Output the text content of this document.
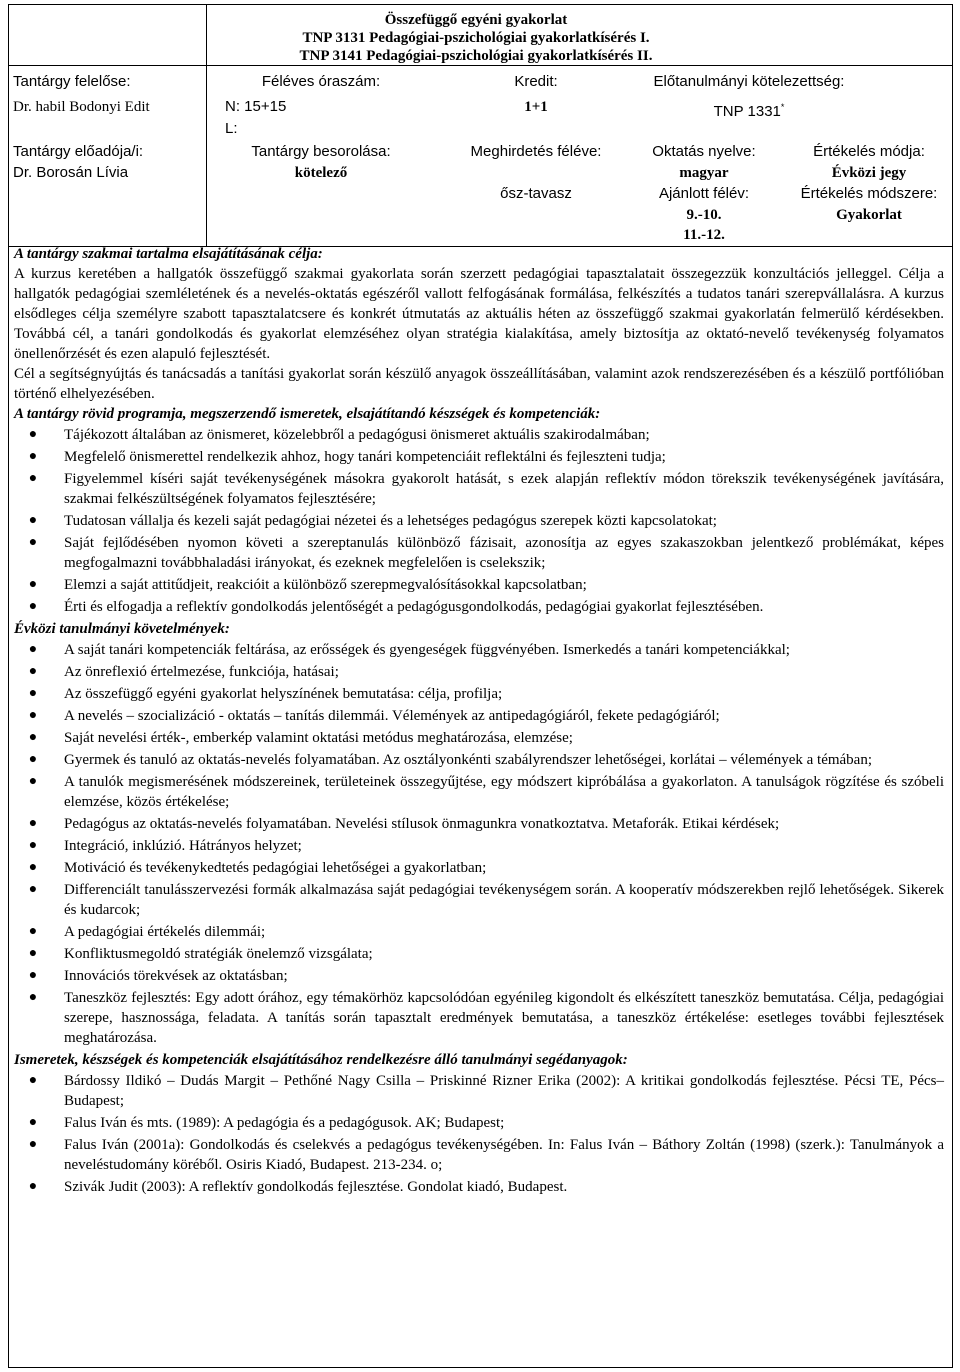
Összefüggő egyéni gyakorlat
TNP 3131 Pedagógiai-pszichológiai gyakorlatkísérés I.
TNP 3141 Pedagógiai-pszichológiai gyakorlatkísérés II.
Tantárgy felelőse:
Dr. habil Bodonyi Edit
Tantárgy előadója/i:
Dr. Borosán Lívia
Féléves óraszám:
N: 15+15
L:
Tantárgy besorolása:
kötelező
Kredit:
1+1
Meghirdetés féléve:
ősz-tavasz
Előtanulmányi kötelezettség:
TNP 1331*
Oktatás nyelve:
magyar
Ajánlott félév:
9.-10.
11.-12.
Értékelés módja:
Évközi jegy
Értékelés módszere:
Gyakorlat

A tantárgy szakmai tartalma elsajátításának célja:

A kurzus keretében a hallgatók összefüggő szakmai gyakorlata során szerzett pedagógiai tapasztalatait összegezzük konzultációs jelleggel. Célja a hallgatók pedagógiai szemléletének és a nevelés-oktatás egészéről vallott felfogásának formálása, felkészítés a tudatos tanári szerepvállalásra. A kurzus elsődleges célja személyre szabott tapasztalatcsere és konkrét útmutatás az aktuális héten az összefüggő szakmai gyakorlatán felmerülő kérdésekben. Továbbá cél, a tanári gondolkodás és gyakorlat elemzéséhez olyan stratégia kialakítása, amely biztosítja az oktató-nevelő tevékenység folyamatos önellenőrzését és ezen alapuló fejlesztését.

Cél a segítségnyújtás és tanácsadás a tanítási gyakorlat során készülő anyagok összeállításában, valamint azok rendszerezésében és a készülő portfólióban történő elhelyezésében.

A tantárgy rövid programja, megszerzendő ismeretek, elsajátítandó készségek és kompetenciák:

● Tájékozott általában az önismeret, közelebbről a pedagógusi önismeret aktuális szakirodalmában;
● Megfelelő önismerettel rendelkezik ahhoz, hogy tanári kompetenciáit reflektálni és fejleszteni tudja;
● Figyelemmel kíséri saját tevékenységének másokra gyakorolt hatását, s ezek alapján reflektív módon törekszik tevékenységének javítására, szakmai felkészültségének folyamatos fejlesztésére;
● Tudatosan vállalja és kezeli saját pedagógiai nézetei és a lehetséges pedagógus szerepek közti kapcsolatokat;
● Saját fejlődésében nyomon követi a szereptanulás különböző fázisait, azonosítja az egyes szakaszokban jelentkező problémákat, képes megfogalmazni továbbhaladási irányokat, és ezeknek megfelelően is cselekszik;
● Elemzi a saját attitűdjeit, reakcióit a különböző szerepmegvalósításokkal kapcsolatban;
● Érti és elfogadja a reflektív gondolkodás jelentőségét a pedagógusgondolkodás, pedagógiai gyakorlat fejlesztésében.

Évközi tanulmányi követelmények:

● A saját tanári kompetenciák feltárása, az erősségek és gyengeségek függvényében. Ismerkedés a tanári kompetenciákkal;
● Az önreflexió értelmezése, funkciója, hatásai;
● Az összefüggő egyéni gyakorlat helyszínének bemutatása: célja, profilja;
● A nevelés – szocializáció - oktatás – tanítás dilemmái. Vélemények az antipedagógiáról, fekete pedagógiáról;
● Saját nevelési érték-, emberkép valamint oktatási metódus meghatározása, elemzése;
● Gyermek és tanuló az oktatás-nevelés folyamatában. Az osztályonkénti szabályrendszer lehetőségei, korlátai – vélemények a témában;
● A tanulók megismerésének módszereinek, területeinek összegyűjtése, egy módszert kipróbálása a gyakorlaton. A tanulságok rögzítése és szóbeli elemzése, közös értékelése;
● Pedagógus az oktatás-nevelés folyamatában. Nevelési stílusok önmagunkra vonatkoztatva. Metaforák. Etikai kérdések;
● Integráció, inklúzió. Hátrányos helyzet;
● Motiváció és tevékenykedtetés pedagógiai lehetőségei a gyakorlatban;
● Differenciált tanulásszervezési formák alkalmazása saját pedagógiai tevékenységem során. A kooperatív módszerekben rejlő lehetőségek. Sikerek és kudarcok;
● A pedagógiai értékelés dilemmái;
● Konfliktusmegoldó stratégiák önelemző vizsgálata;
● Innovációs törekvések az oktatásban;
● Taneszköz fejlesztés: Egy adott órához, egy témakörhöz kapcsolódóan egyénileg kigondolt és elkészített taneszköz bemutatása. Célja, pedagógiai szerepe, hasznossága, feladata. A tanítás során tapasztalt eredmények bemutatása, a taneszköz értékelése: esetleges további fejlesztések meghatározása.

Ismeretek, készségek és kompetenciák elsajátításához rendelkezésre álló tanulmányi segédanyagok:

● Bárdossy Ildikó – Dudás Margit – Pethőné Nagy Csilla – Priskinné Rizner Erika (2002): A kritikai gondolkodás fejlesztése. Pécsi TE, Pécs–Budapest;
● Falus Iván és mts. (1989): A pedagógia és a pedagógusok. AK; Budapest;
● Falus Iván (2001a): Gondolkodás és cselekvés a pedagógus tevékenységében. In: Falus Iván – Báthory Zoltán (1998) (szerk.): Tanulmányok a neveléstudomány köréből. Osiris Kiadó, Budapest. 213-234. o;
● Szivák Judit (2003): A reflektív gondolkodás fejlesztése. Gondolat kiadó, Budapest.
